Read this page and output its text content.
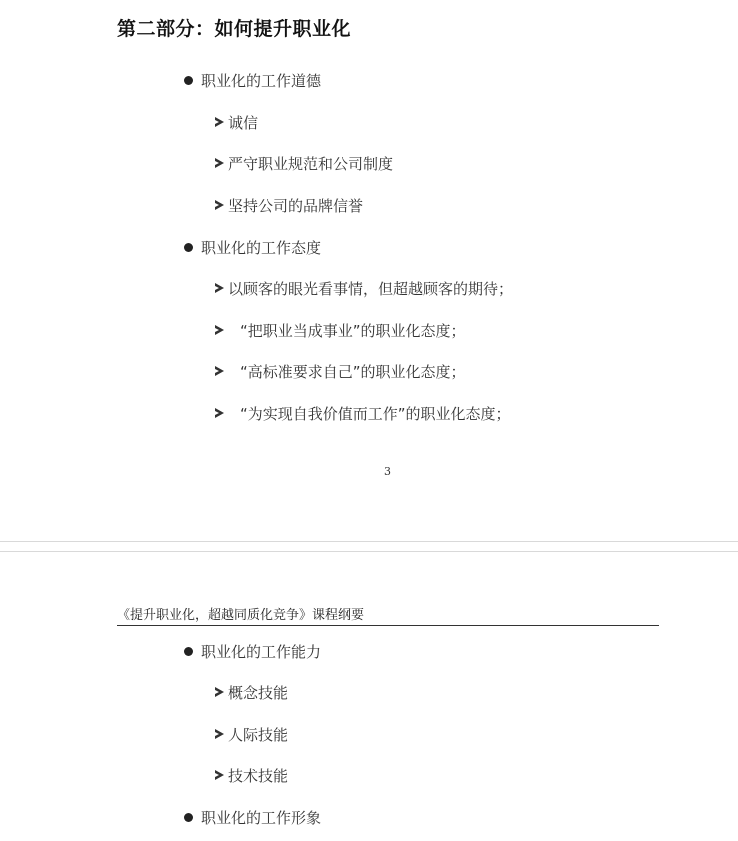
第二部分：如何提升职业化
职业化的工作道德
诚信
严守职业规范和公司制度
坚持公司的品牌信誉
职业化的工作态度
以顾客的眼光看事情，但超越顾客的期待；
“把职业当成事业”的职业化态度；
“高标准要求自己”的职业化态度；
“为实现自我价值而工作”的职业化态度；
3
《提升职业化，超越同质化竞争》课程纲要
职业化的工作能力
概念技能
人际技能
技术技能
职业化的工作形象
